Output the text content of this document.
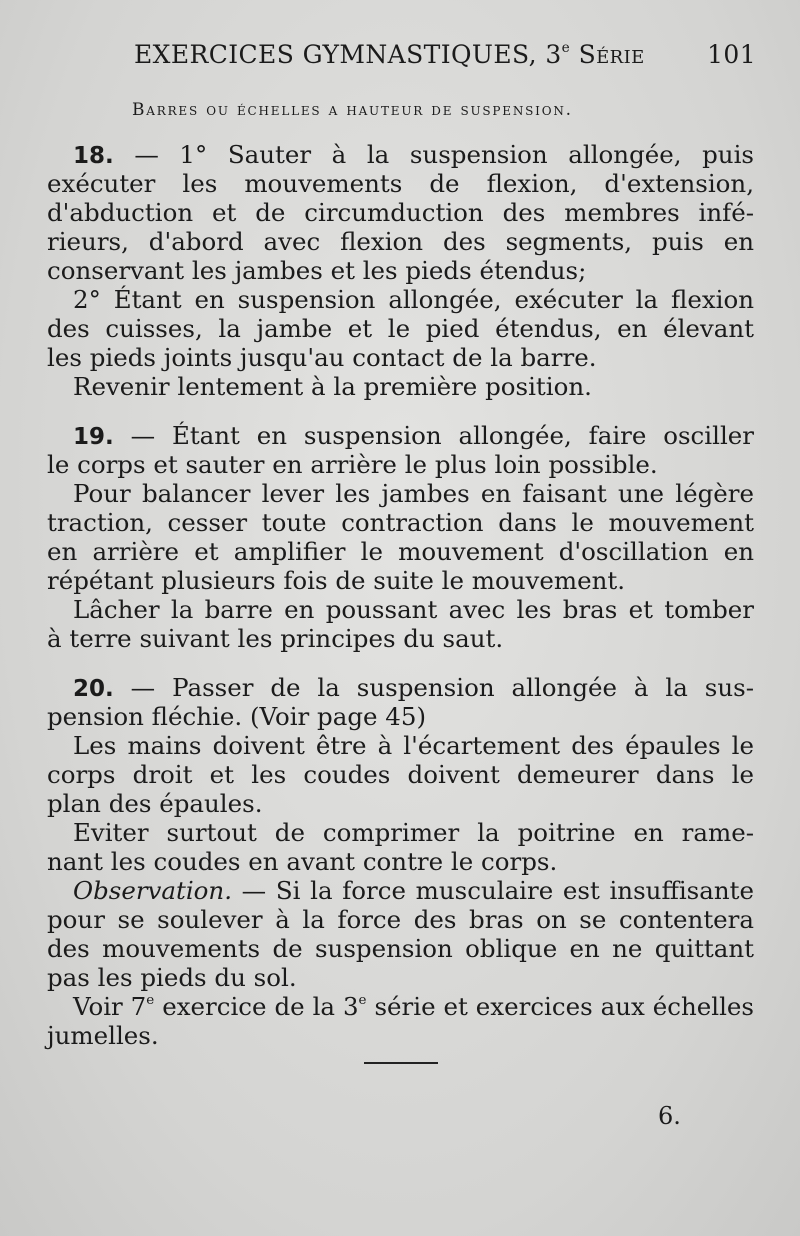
EXERCICES GYMNASTIQUES, 3e Série 101
Barres ou échelles a hauteur de suspension.
18. — 1° Sauter à la suspension allongée, puis
exécuter les mouvements de flexion, d'extension,
d'abduction et de circumduction des membres infé-
rieurs, d'abord avec flexion des segments, puis en
conservant les jambes et les pieds étendus;
2° Étant en suspension allongée, exécuter la flexion
des cuisses, la jambe et le pied étendus, en élevant
les pieds joints jusqu'au contact de la barre.
Revenir lentement à la première position.
19. — Étant en suspension allongée, faire osciller
le corps et sauter en arrière le plus loin possible.
Pour balancer lever les jambes en faisant une légère
traction, cesser toute contraction dans le mouvement
en arrière et amplifier le mouvement d'oscillation en
répétant plusieurs fois de suite le mouvement.
Lâcher la barre en poussant avec les bras et tomber
à terre suivant les principes du saut.
20. — Passer de la suspension allongée à la sus-
pension fléchie. (Voir page 45)
Les mains doivent être à l'écartement des épaules le
corps droit et les coudes doivent demeurer dans le
plan des épaules.
Eviter surtout de comprimer la poitrine en rame-
nant les coudes en avant contre le corps.
Observation. — Si la force musculaire est insuffisante
pour se soulever à la force des bras on se contentera
des mouvements de suspension oblique en ne quittant
pas les pieds du sol.
Voir 7e exercice de la 3e série et exercices aux échelles
jumelles.
6.
